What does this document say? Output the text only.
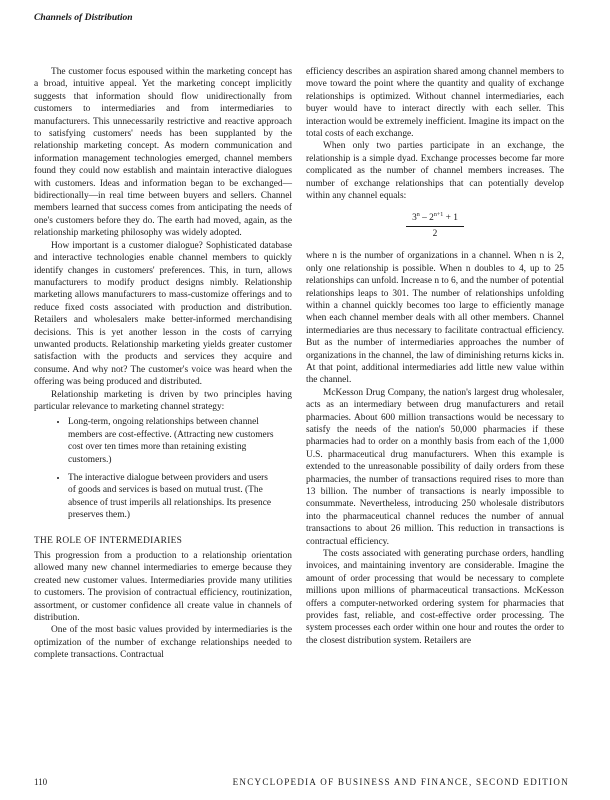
Channels of Distribution

The customer focus espoused within the marketing concept has a broad, intuitive appeal. Yet the marketing concept implicitly suggests that information should flow unidirectionally from customers to intermediaries and from intermediaries to manufacturers. This unnecessarily restrictive and reactive approach to satisfying customers' needs has been supplanted by the relationship marketing concept. As modern communication and information management technologies emerged, channel members found they could now establish and maintain interactive dialogues with customers. Ideas and information began to be exchanged—bidirectionally—in real time between buyers and sellers. Channel members learned that success comes from anticipating the needs of one's customers before they do. The earth had moved, again, as the relationship marketing philosophy was widely adopted.

How important is a customer dialogue? Sophisticated database and interactive technologies enable channel members to quickly identify changes in customers' preferences. This, in turn, allows manufacturers to modify product designs nimbly. Relationship marketing allows manufacturers to mass-customize offerings and to reduce fixed costs associated with production and distribution. Retailers and wholesalers make better-informed merchandising decisions. This is yet another lesson in the costs of carrying unwanted products. Relationship marketing yields greater customer satisfaction with the products and services they acquire and consume. And why not? The customer's voice was heard when the offering was being produced and distributed.

Relationship marketing is driven by two principles having particular relevance to marketing channel strategy:

• Long-term, ongoing relationships between channel members are cost-effective. (Attracting new customers cost over ten times more than retaining existing customers.)
• The interactive dialogue between providers and users of goods and services is based on mutual trust. (The absence of trust imperils all relationships. Its presence preserves them.)
THE ROLE OF INTERMEDIARIES

This progression from a production to a relationship orientation allowed many new channel intermediaries to emerge because they created new customer values. Intermediaries provide many utilities to customers. The provision of contractual efficiency, routinization, assortment, or customer confidence all create value in channels of distribution.

One of the most basic values provided by intermediaries is the optimization of the number of exchange relationships needed to complete transactions. Contractual

efficiency describes an aspiration shared among channel members to move toward the point where the quantity and quality of exchange relationships is optimized. Without channel intermediaries, each buyer would have to interact directly with each seller. This interaction would be extremely inefficient. Imagine its impact on the total costs of each exchange.

When only two parties participate in an exchange, the relationship is a simple dyad. Exchange processes become far more complicated as the number of channel members increases. The number of exchange relationships that can potentially develop within any channel equals:

$3^n - 2^{n+1} + 1$
2

where n is the number of organizations in a channel. When n is 2, only one relationship is possible. When n doubles to 4, up to 25 relationships can unfold. Increase n to 6, and the number of potential relationships leaps to 301. The number of relationships unfolding within a channel quickly becomes too large to efficiently manage when each channel member deals with all other members. Channel intermediaries are thus necessary to facilitate contractual efficiency. But as the number of intermediaries approaches the number of organizations in the channel, the law of diminishing returns kicks in. At that point, additional intermediaries add little new value within the channel.

McKesson Drug Company, the nation's largest drug wholesaler, acts as an intermediary between drug manufacturers and retail pharmacies. About 600 million transactions would be necessary to satisfy the needs of the nation's 50,000 pharmacies if these pharmacies had to order on a monthly basis from each of the 1,000 U.S. pharmaceutical drug manufacturers. When this example is extended to the unreasonable possibility of daily orders from these pharmacies, the number of transactions required rises to more than 13 billion. The number of transactions is nearly impossible to consummate. Nevertheless, introducing 250 wholesale distributors into the pharmaceutical channel reduces the number of annual transactions to about 26 million. This reduction in transactions is contractual efficiency.

The costs associated with generating purchase orders, handling invoices, and maintaining inventory are considerable. Imagine the amount of order processing that would be necessary to complete millions upon millions of pharmaceutical transactions. McKesson offers a computer-networked ordering system for pharmacies that provides fast, reliable, and cost-effective order processing. The system processes each order within one hour and routes the order to the closest distribution system. Retailers are

110	ENCYCLOPEDIA OF BUSINESS AND FINANCE, SECOND EDITION
